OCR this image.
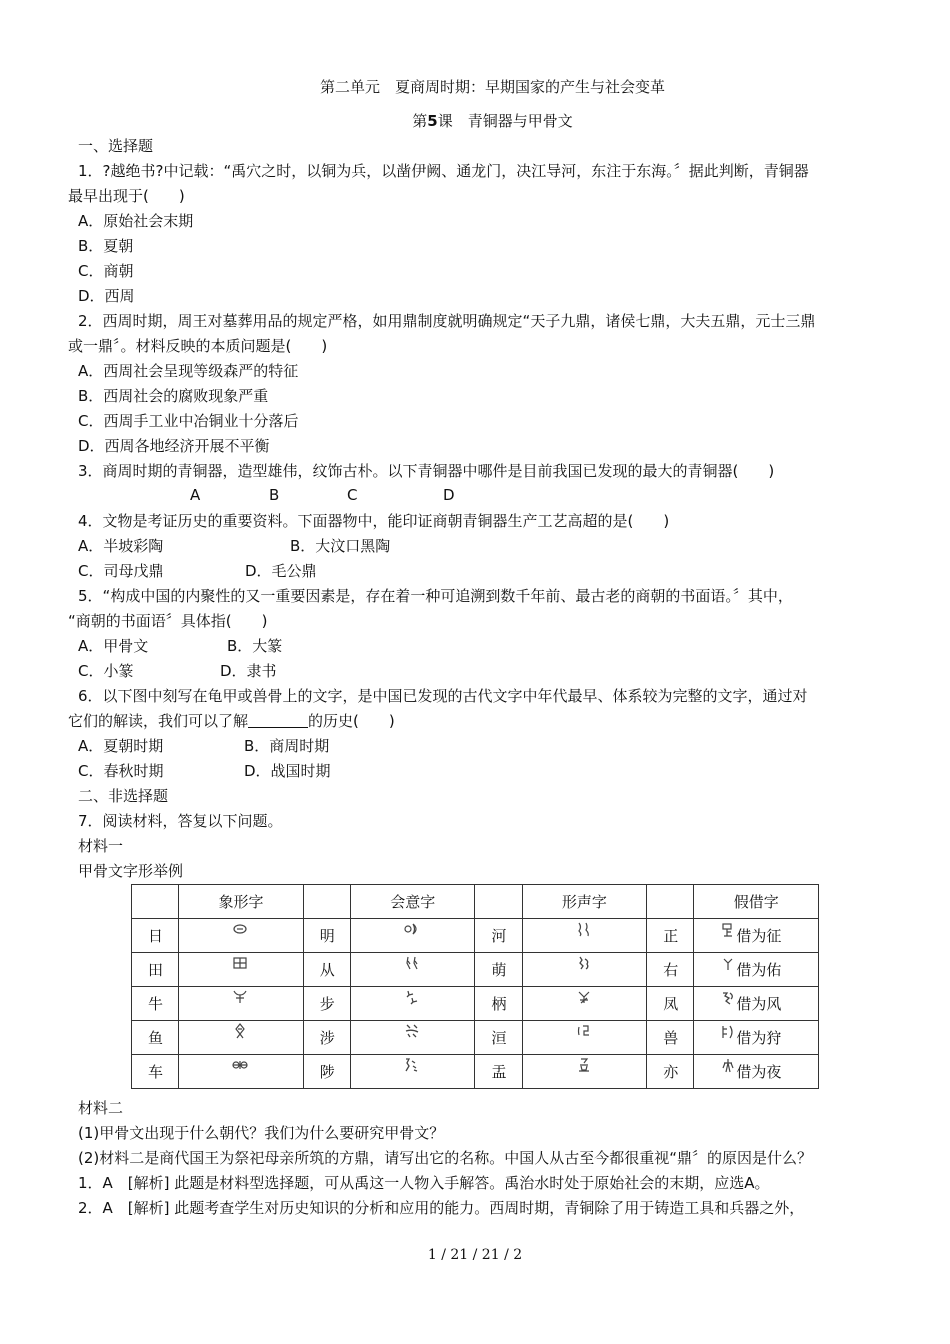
第二单元　夏商周时期：早期国家的产生与社会变革
第5课　青铜器与甲骨文
一、选择题
1．?越绝书?中记载：“禹穴之时，以铜为兵，以凿伊阙、通龙门，决江导河，东注于东海。〞据此判断，青铜器
最早出现于(　　)
A．原始社会末期
B．夏朝
C．商朝
D．西周
2．西周时期，周王对墓葬用品的规定严格，如用鼎制度就明确规定“天子九鼎，诸侯七鼎，大夫五鼎，元士三鼎
或一鼎〞。材料反映的本质问题是(　　)
A．西周社会呈现等级森严的特征
B．西周社会的腐败现象严重
C．西周手工业中冶铜业十分落后
D．西周各地经济开展不平衡
3．商周时期的青铜器，造型雄伟，纹饰古朴。以下青铜器中哪件是目前我国已发现的最大的青铜器(　　)
A	B	C	D
4．文物是考证历史的重要资料。下面器物中，能印证商朝青铜器生产工艺高超的是(　　)
A．半坡彩陶	B．大汶口黑陶
C．司母戊鼎	D．毛公鼎
5．“构成中国的内聚性的又一重要因素是，存在着一种可追溯到数千年前、最古老的商朝的书面语。〞其中，
“商朝的书面语〞具体指(　　)
A．甲骨文	B．大篆
C．小篆	D．隶书
6．以下图中刻写在龟甲或兽骨上的文字，是中国已发现的古代文字中年代最早、体系较为完整的文字，通过对
它们的解读，我们可以了解	的历史(　　)
A．夏朝时期	B．商周时期
C．春秋时期	D．战国时期
二、非选择题
7．阅读材料，答复以下问题。
材料一
甲骨文字形举例
	象形字		会意字		形声字		假借字
日		明		河		正	借为征
田		从		萌		右	借为佑
牛		步		柄		凤	借为风
鱼		涉		洹		兽	借为狩
车		陟		盂		亦	借为夜
材料二
(1)甲骨文出现于什么朝代？我们为什么要研究甲骨文？
(2)材料二是商代国王为祭祀母亲所筑的方鼎，请写出它的名称。中国人从古至今都很重视“鼎〞的原因是什么？
1．A　[解析] 此题是材料型选择题，可从禹这一人物入手解答。禹治水时处于原始社会的末期，应选A。
2．A　[解析] 此题考查学生对历史知识的分析和应用的能力。西周时期，青铜除了用于铸造工具和兵器之外，
1 / 21 / 21 / 2
